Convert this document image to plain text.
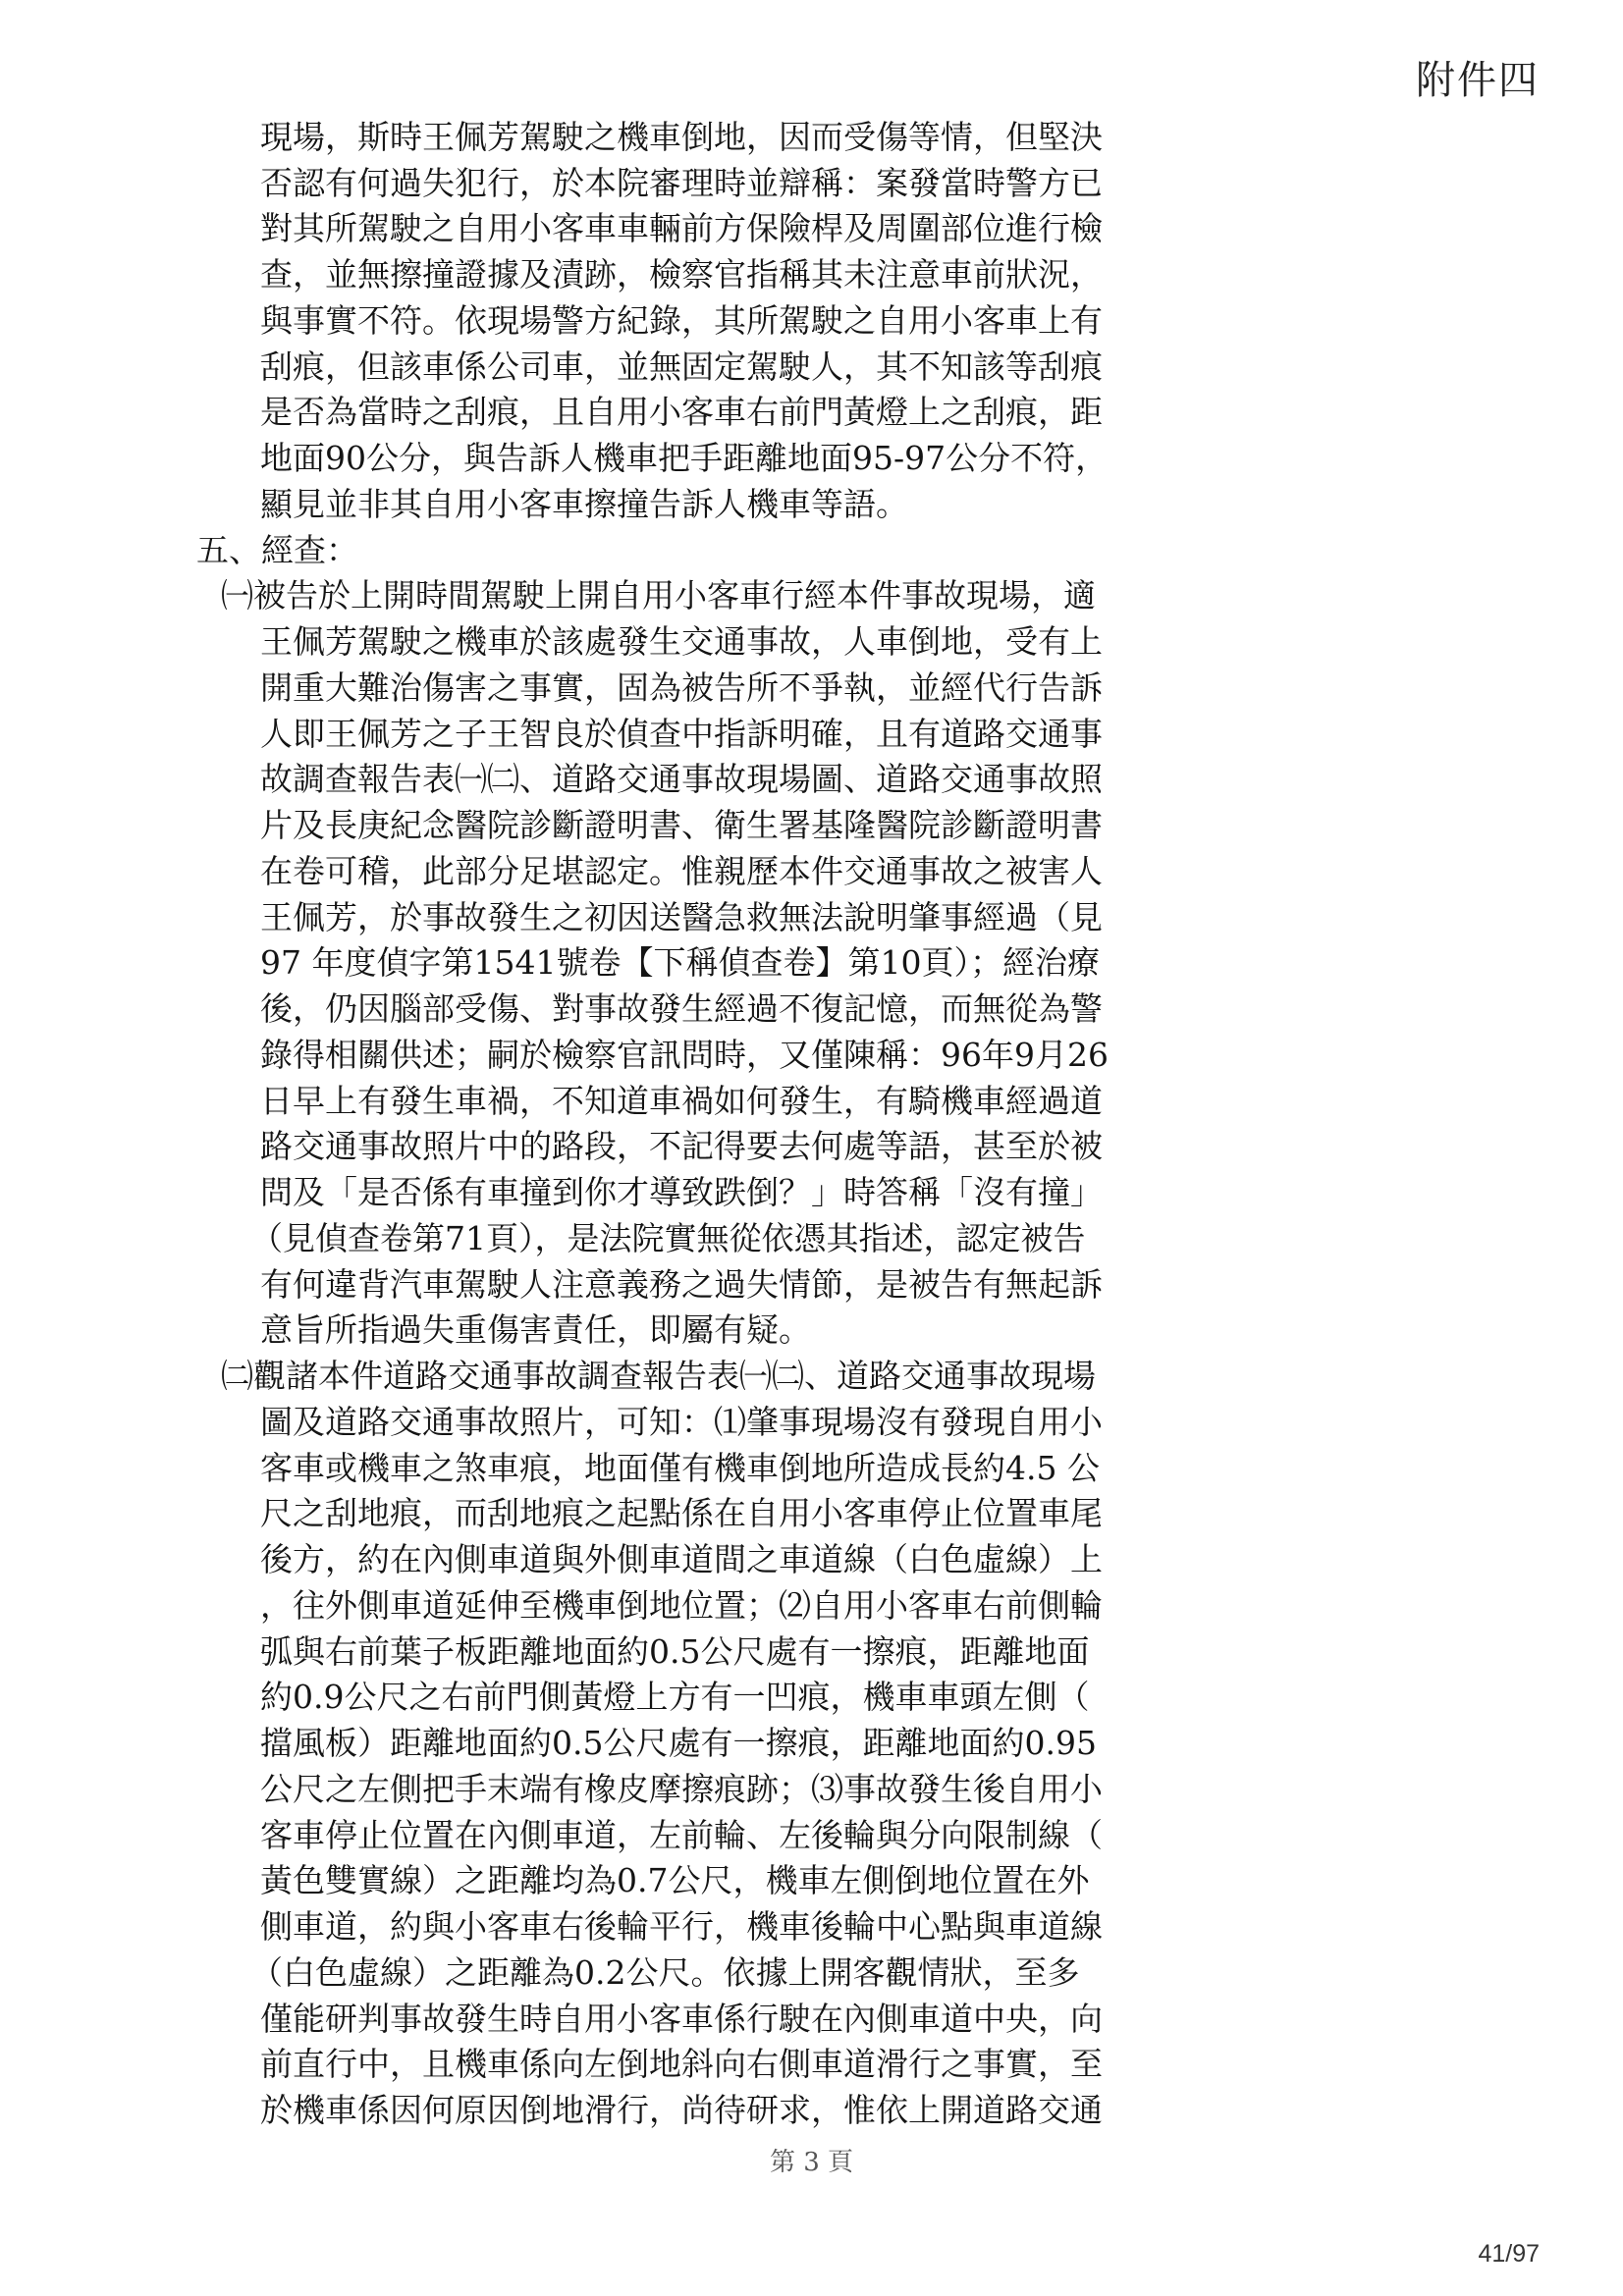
附件四
現場，斯時王佩芳駕駛之機車倒地，因而受傷等情，但堅決
否認有何過失犯行，於本院審理時並辯稱：案發當時警方已
對其所駕駛之自用小客車車輛前方保險桿及周圍部位進行檢
查，並無擦撞證據及漬跡，檢察官指稱其未注意車前狀況，
與事實不符。依現場警方紀錄，其所駕駛之自用小客車上有
刮痕，但該車係公司車，並無固定駕駛人，其不知該等刮痕
是否為當時之刮痕，且自用小客車右前門黃燈上之刮痕，距
地面90公分，與告訴人機車把手距離地面95-97公分不符，
顯見並非其自用小客車擦撞告訴人機車等語。
五、經查：
㈠被告於上開時間駕駛上開自用小客車行經本件事故現場，適
王佩芳駕駛之機車於該處發生交通事故，人車倒地，受有上
開重大難治傷害之事實，固為被告所不爭執，並經代行告訴
人即王佩芳之子王智良於偵查中指訴明確，且有道路交通事
故調查報告表㈠㈡、道路交通事故現場圖、道路交通事故照
片及長庚紀念醫院診斷證明書、衛生署基隆醫院診斷證明書
在卷可稽，此部分足堪認定。惟親歷本件交通事故之被害人
王佩芳，於事故發生之初因送醫急救無法說明肇事經過（見
97 年度偵字第1541號卷【下稱偵查卷】第10頁）；經治療
後，仍因腦部受傷、對事故發生經過不復記憶，而無從為警
錄得相關供述；嗣於檢察官訊問時，又僅陳稱：96年9月26
日早上有發生車禍，不知道車禍如何發生，有騎機車經過道
路交通事故照片中的路段，不記得要去何處等語，甚至於被
問及「是否係有車撞到你才導致跌倒？」時答稱「沒有撞」
（見偵查卷第71頁），是法院實無從依憑其指述，認定被告
有何違背汽車駕駛人注意義務之過失情節，是被告有無起訴
意旨所指過失重傷害責任，即屬有疑。
㈡觀諸本件道路交通事故調查報告表㈠㈡、道路交通事故現場
圖及道路交通事故照片，可知：⑴肇事現場沒有發現自用小
客車或機車之煞車痕，地面僅有機車倒地所造成長約4.5 公
尺之刮地痕，而刮地痕之起點係在自用小客車停止位置車尾
後方，約在內側車道與外側車道間之車道線（白色虛線）上
，往外側車道延伸至機車倒地位置；⑵自用小客車右前側輪
弧與右前葉子板距離地面約0.5公尺處有一擦痕，距離地面
約0.9公尺之右前門側黃燈上方有一凹痕，機車車頭左側（
擋風板）距離地面約0.5公尺處有一擦痕，距離地面約0.95
公尺之左側把手末端有橡皮摩擦痕跡；⑶事故發生後自用小
客車停止位置在內側車道，左前輪、左後輪與分向限制線（
黃色雙實線）之距離均為0.7公尺，機車左側倒地位置在外
側車道，約與小客車右後輪平行，機車後輪中心點與車道線
（白色虛線）之距離為0.2公尺。依據上開客觀情狀，至多
僅能研判事故發生時自用小客車係行駛在內側車道中央，向
前直行中，且機車係向左倒地斜向右側車道滑行之事實，至
於機車係因何原因倒地滑行，尚待研求，惟依上開道路交通
第 3 頁
41/97
